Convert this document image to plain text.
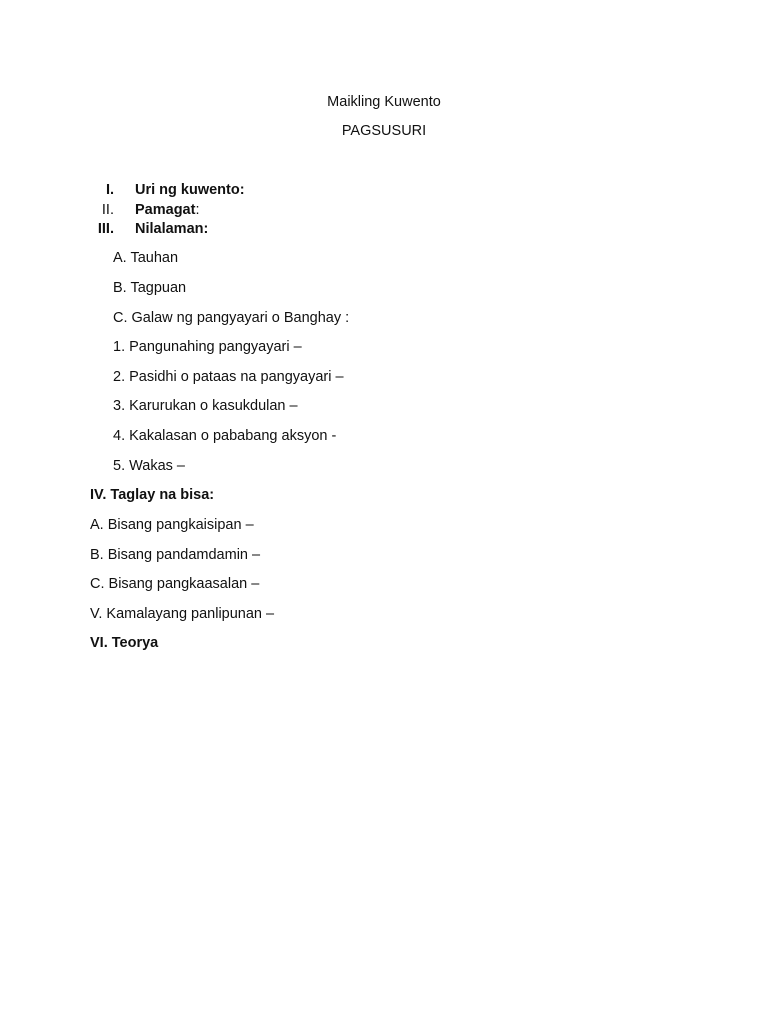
Maikling Kuwento
PAGSUSURI
I. Uri ng kuwento:
II. Pamagat:
III. Nilalaman:
A. Tauhan
B. Tagpuan
C. Galaw ng pangyayari o Banghay :
1. Pangunahing pangyayari –
2. Pasidhi o pataas na pangyayari –
3. Karurukan o kasukdulan –
4. Kakalasan o pababang aksyon -
5. Wakas –
IV. Taglay na bisa:
A. Bisang pangkaisipan –
B. Bisang pandamdamin –
C. Bisang pangkaasalan –
V. Kamalayang panlipunan –
VI. Teorya
